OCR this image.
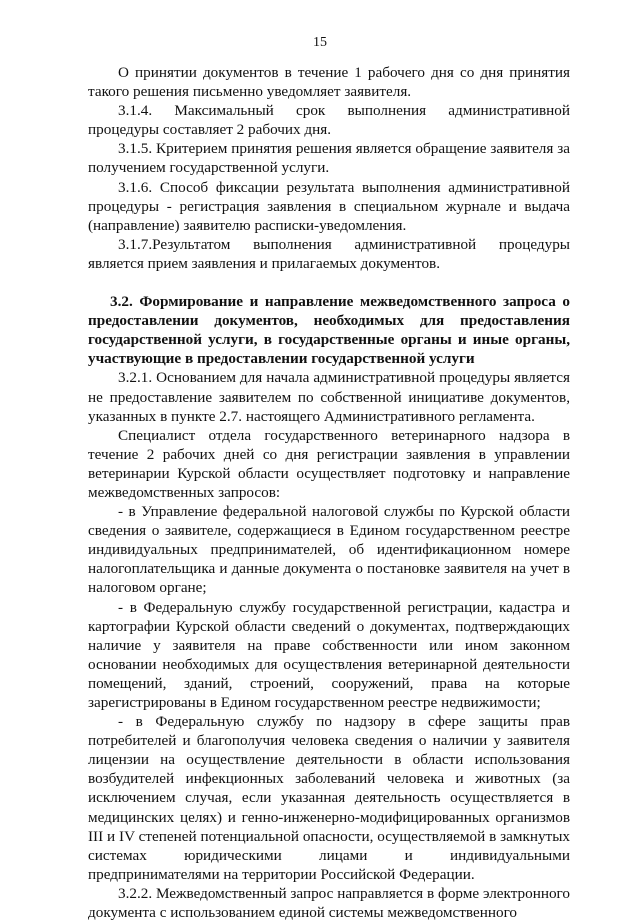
15

О принятии документов в течение 1 рабочего дня со дня принятия такого решения письменно уведомляет заявителя.

3.1.4. Максимальный срок выполнения административной процедуры составляет 2 рабочих дня.

3.1.5. Критерием принятия решения является обращение заявителя за получением государственной услуги.

3.1.6. Способ фиксации результата выполнения административной процедуры - регистрация заявления в специальном журнале и выдача (направление) заявителю расписки-уведомления.

3.1.7.Результатом выполнения административной процедуры является прием заявления и прилагаемых документов.

3.2. Формирование и направление межведомственного запроса о предоставлении документов, необходимых для предоставления государственной услуги, в государственные органы и иные органы, участвующие в предоставлении государственной услуги

3.2.1. Основанием для начала административной процедуры является не предоставление заявителем по собственной инициативе документов, указанных в пункте 2.7. настоящего Административного регламента.

Специалист отдела государственного ветеринарного надзора в течение 2 рабочих дней со дня регистрации заявления в управлении ветеринарии Курской области осуществляет подготовку и направление межведомственных запросов:

- в Управление федеральной налоговой службы по Курской области сведения о заявителе, содержащиеся в Едином государственном реестре индивидуальных предпринимателей, об идентификационном номере налогоплательщика и данные документа о постановке заявителя на учет в налоговом органе;

- в Федеральную службу государственной регистрации, кадастра и картографии Курской области сведений о документах, подтверждающих наличие у заявителя на праве собственности или ином законном основании необходимых для осуществления ветеринарной деятельности помещений, зданий, строений, сооружений, права на которые зарегистрированы в Едином государственном реестре недвижимости;

- в Федеральную службу по надзору в сфере защиты прав потребителей и благополучия человека сведения о наличии у заявителя лицензии на осуществление деятельности в области использования возбудителей инфекционных заболеваний человека и животных (за исключением случая, если указанная деятельность осуществляется в медицинских целях) и генно-инженерно-модифицированных организмов III и IV степеней потенциальной опасности, осуществляемой в замкнутых системах юридическими лицами и индивидуальными предпринимателями на территории Российской Федерации.

3.2.2. Межведомственный запрос направляется в форме электронного документа с использованием единой системы межведомственного
